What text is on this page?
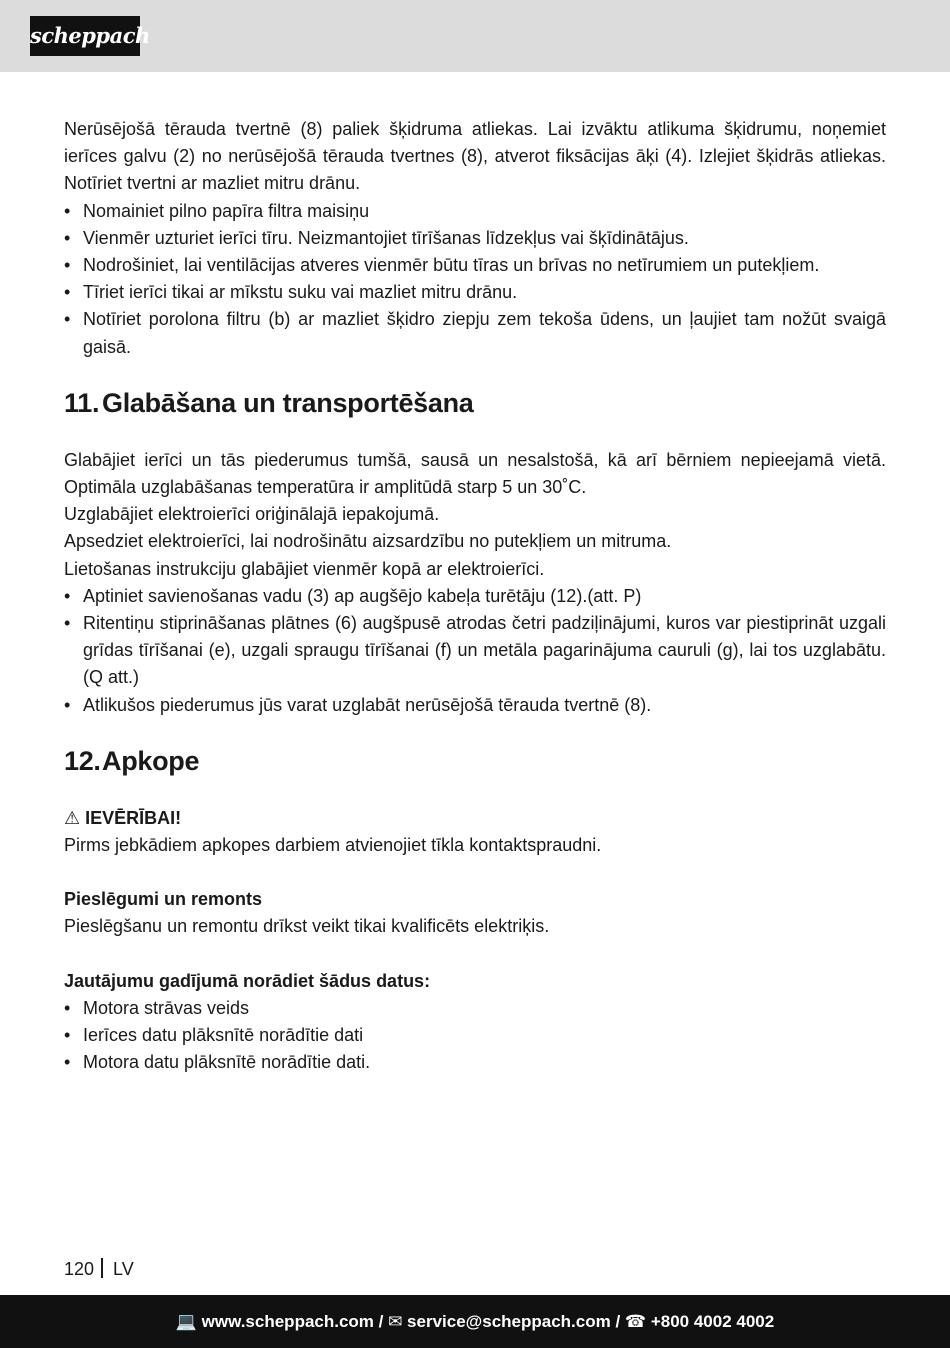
scheppach

Nerūsējošā tērauda tvertnē (8) paliek šķidruma atliekas. Lai izvāktu atlikuma šķidrumu, noņemiet ierīces galvu (2) no nerūsējošā tērauda tvertnes (8), atverot fiksācijas āķi (4). Izlejiet šķidrās atliekas. Notīriet tvertni ar mazliet mitru drānu.

• Nomainiet pilno papīra filtra maisiņu
• Vienmēr uzturiet ierīci tīru. Neizmantojiet tīrīšanas līdzekļus vai šķīdinātājus.
• Nodrošiniet, lai ventilācijas atveres vienmēr būtu tīras un brīvas no netīrumiem un putekļiem.
• Tīriet ierīci tikai ar mīkstu suku vai mazliet mitru drānu.
• Notīriet porolona filtru (b) ar mazliet šķidro ziepju zem tekoša ūdens, un ļaujiet tam nožūt svaigā gaisā.
11. Glabāšana un transportēšana

Glabājiet ierīci un tās piederumus tumšā, sausā un nesalstošā, kā arī bērniem nepieejamā vietā. Optimāla uzglabāšanas temperatūra ir amplitūdā starp 5 un 30˚C.

Uzglabājiet elektroierīci oriģinālajā iepakojumā.

Apsedziet elektroierīci, lai nodrošinātu aizsardzību no putekļiem un mitruma.

Lietošanas instrukciju glabājiet vienmēr kopā ar elektroierīci.

• Aptiniet savienošanas vadu (3) ap augšējo kabeļa turētāju (12).(att. P)
• Ritentiņu stiprināšanas plātnes (6) augšpusē atrodas četri padziļinājumi, kuros var piestiprināt uzgali grīdas tīrīšanai (e), uzgali spraugu tīrīšanai (f) un metāla pagarinājuma cauruli (g), lai tos uzglabātu. (Q att.)
• Atlikušos piederumus jūs varat uzglabāt nerūsējošā tērauda tvertnē (8).
12.Apkope

⚠ IEVĒRĪBAI!

Pirms jebkādiem apkopes darbiem atvienojiet tīkla kontaktspraudni.

Pieslēgumi un remonts

Pieslēgšanu un remontu drīkst veikt tikai kvalificēts elektriķis.

Jautājumu gadījumā norādiet šādus datus:

• Motora strāvas veids
• Ierīces datu plāksnītē norādītie dati
• Motora datu plāksnītē norādītie dati.
120 LV
💻 www.scheppach.com / ✉ service@scheppach.com / ☎ +800 4002 4002
